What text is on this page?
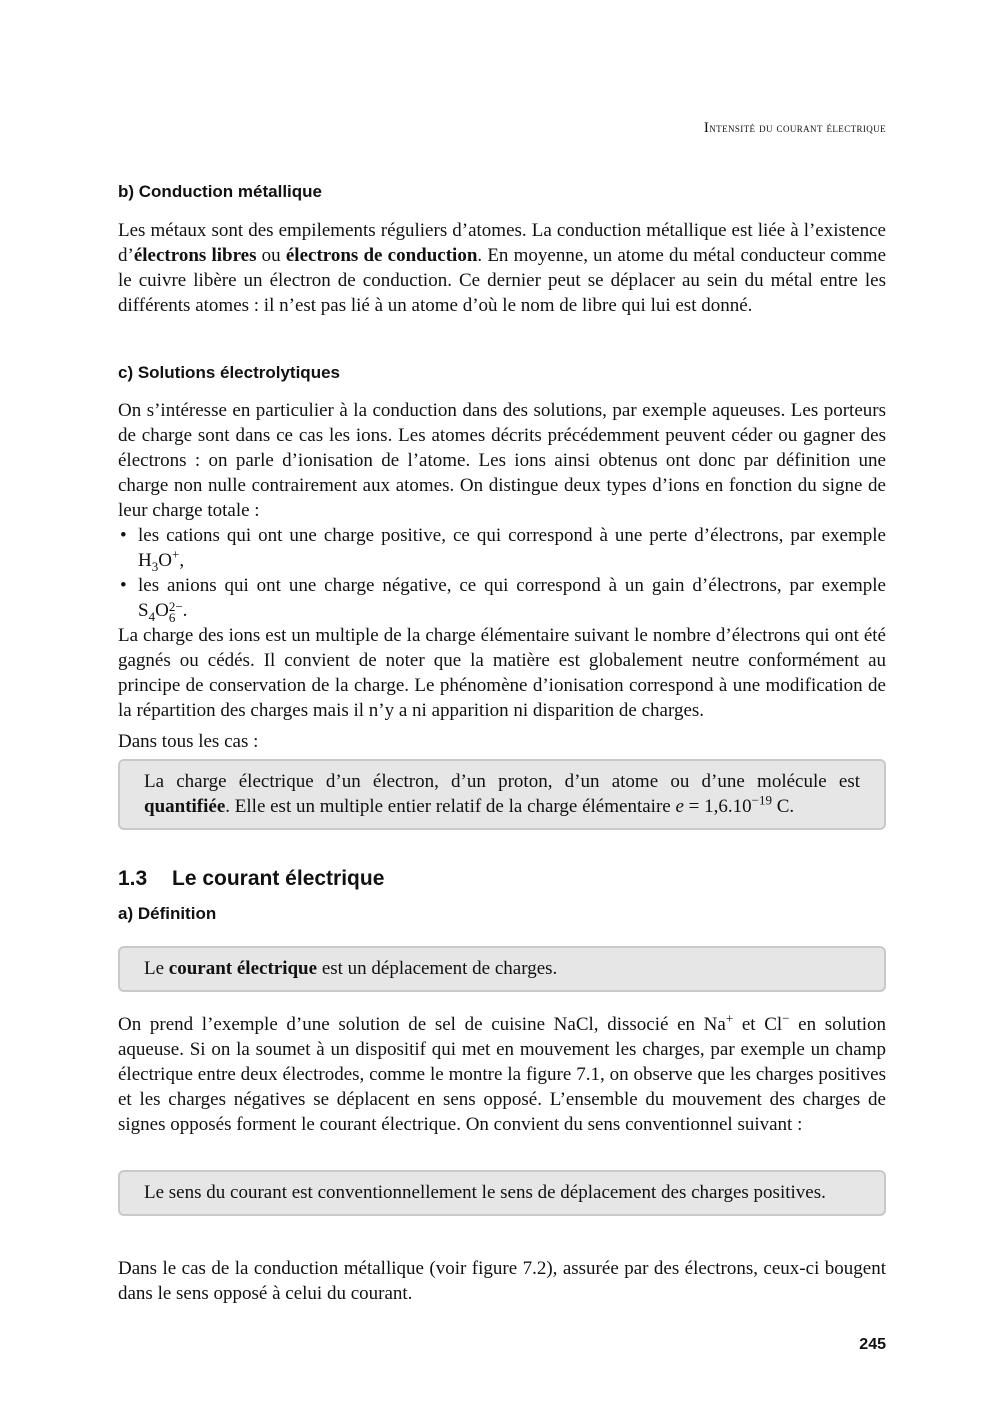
Intensité du courant électrique
b) Conduction métallique
Les métaux sont des empilements réguliers d’atomes. La conduction métallique est liée à l’existence d’électrons libres ou électrons de conduction. En moyenne, un atome du métal conducteur comme le cuivre libère un électron de conduction. Ce dernier peut se déplacer au sein du métal entre les différents atomes : il n’est pas lié à un atome d’où le nom de libre qui lui est donné.
c) Solutions électrolytiques
On s’intéresse en particulier à la conduction dans des solutions, par exemple aqueuses. Les porteurs de charge sont dans ce cas les ions. Les atomes décrits précédemment peuvent céder ou gagner des électrons : on parle d’ionisation de l’atome. Les ions ainsi obtenus ont donc par définition une charge non nulle contrairement aux atomes. On distingue deux types d’ions en fonction du signe de leur charge totale :
• les cations qui ont une charge positive, ce qui correspond à une perte d’électrons, par exemple $H_3O^+$,
• les anions qui ont une charge négative, ce qui correspond à un gain d’électrons, par exemple $S_4O$ 2−
6 .
La charge des ions est un multiple de la charge élémentaire suivant le nombre d’électrons qui ont été gagnés ou cédés. Il convient de noter que la matière est globalement neutre conformément au principe de conservation de la charge. Le phénomène d’ionisation correspond à une modification de la répartition des charges mais il n’y a ni apparition ni disparition de charges.
Dans tous les cas :
La charge électrique d’un électron, d’un proton, d’un atome ou d’une molécule est quantifiée. Elle est un multiple entier relatif de la charge élémentaire $e = 1,6.10^{-19}$ C.
1.3 Le courant électrique
a) Définition
Le courant électrique est un déplacement de charges.
On prend l’exemple d’une solution de sel de cuisine NaCl, dissocié en Na+ et Cl− en solution aqueuse. Si on la soumet à un dispositif qui met en mouvement les charges, par exemple un champ électrique entre deux électrodes, comme le montre la figure 7.1, on observe que les charges positives et les charges négatives se déplacent en sens opposé. L’ensemble du mouvement des charges de signes opposés forment le courant électrique. On convient du sens conventionnel suivant :
Le sens du courant est conventionnellement le sens de déplacement des charges positives.
Dans le cas de la conduction métallique (voir figure 7.2), assurée par des électrons, ceux-ci bougent dans le sens opposé à celui du courant.
245
